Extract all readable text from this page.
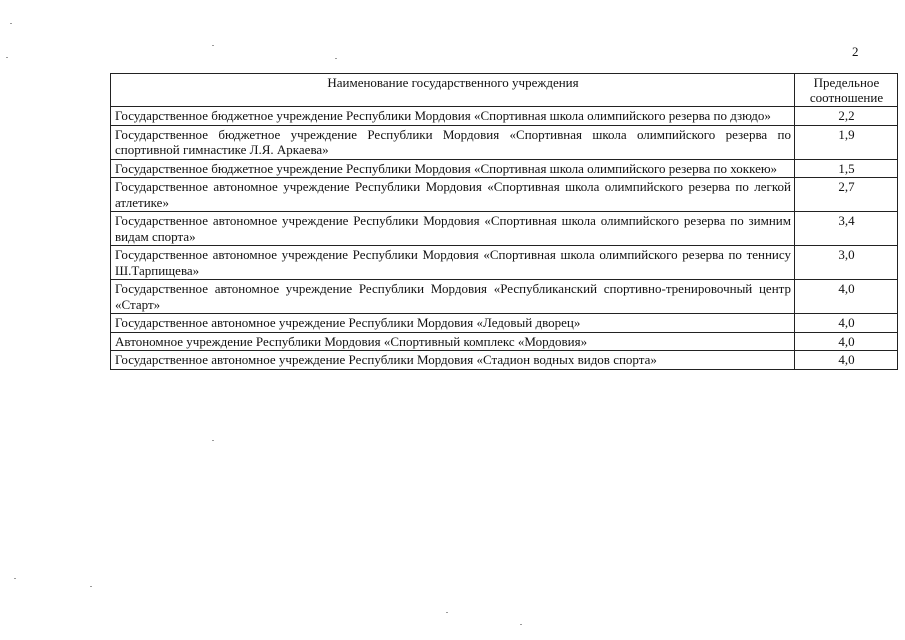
2
Наименование государственного учреждения	Предельное соотношение
Государственное бюджетное учреждение Республики Мордовия «Спортивная школа олимпийского резерва по дзюдо»	2,2
Государственное бюджетное учреждение Республики Мордовия «Спортивная школа олимпийского резерва по спортивной гимнастике Л.Я. Аркаева»	1,9
Государственное бюджетное учреждение Республики Мордовия «Спортивная школа олимпийского резерва по хоккею»	1,5
Государственное автономное учреждение Республики Мордовия «Спортивная школа олимпийского резерва по легкой атлетике»	2,7
Государственное автономное учреждение Республики Мордовия «Спортивная школа олимпийского резерва по зимним видам спорта»	3,4
Государственное автономное учреждение Республики Мордовия «Спортивная школа олимпийского резерва по теннису Ш.Тарпищева»	3,0
Государственное автономное учреждение Республики Мордовия «Республиканский спортивно-тренировочный центр «Старт»	4,0
Государственное автономное учреждение Республики Мордовия «Ледовый дворец»	4,0
Автономное учреждение Республики Мордовия «Спортивный комплекс «Мордовия»	4,0
Государственное автономное учреждение Республики Мордовия «Стадион водных видов спорта»	4,0
